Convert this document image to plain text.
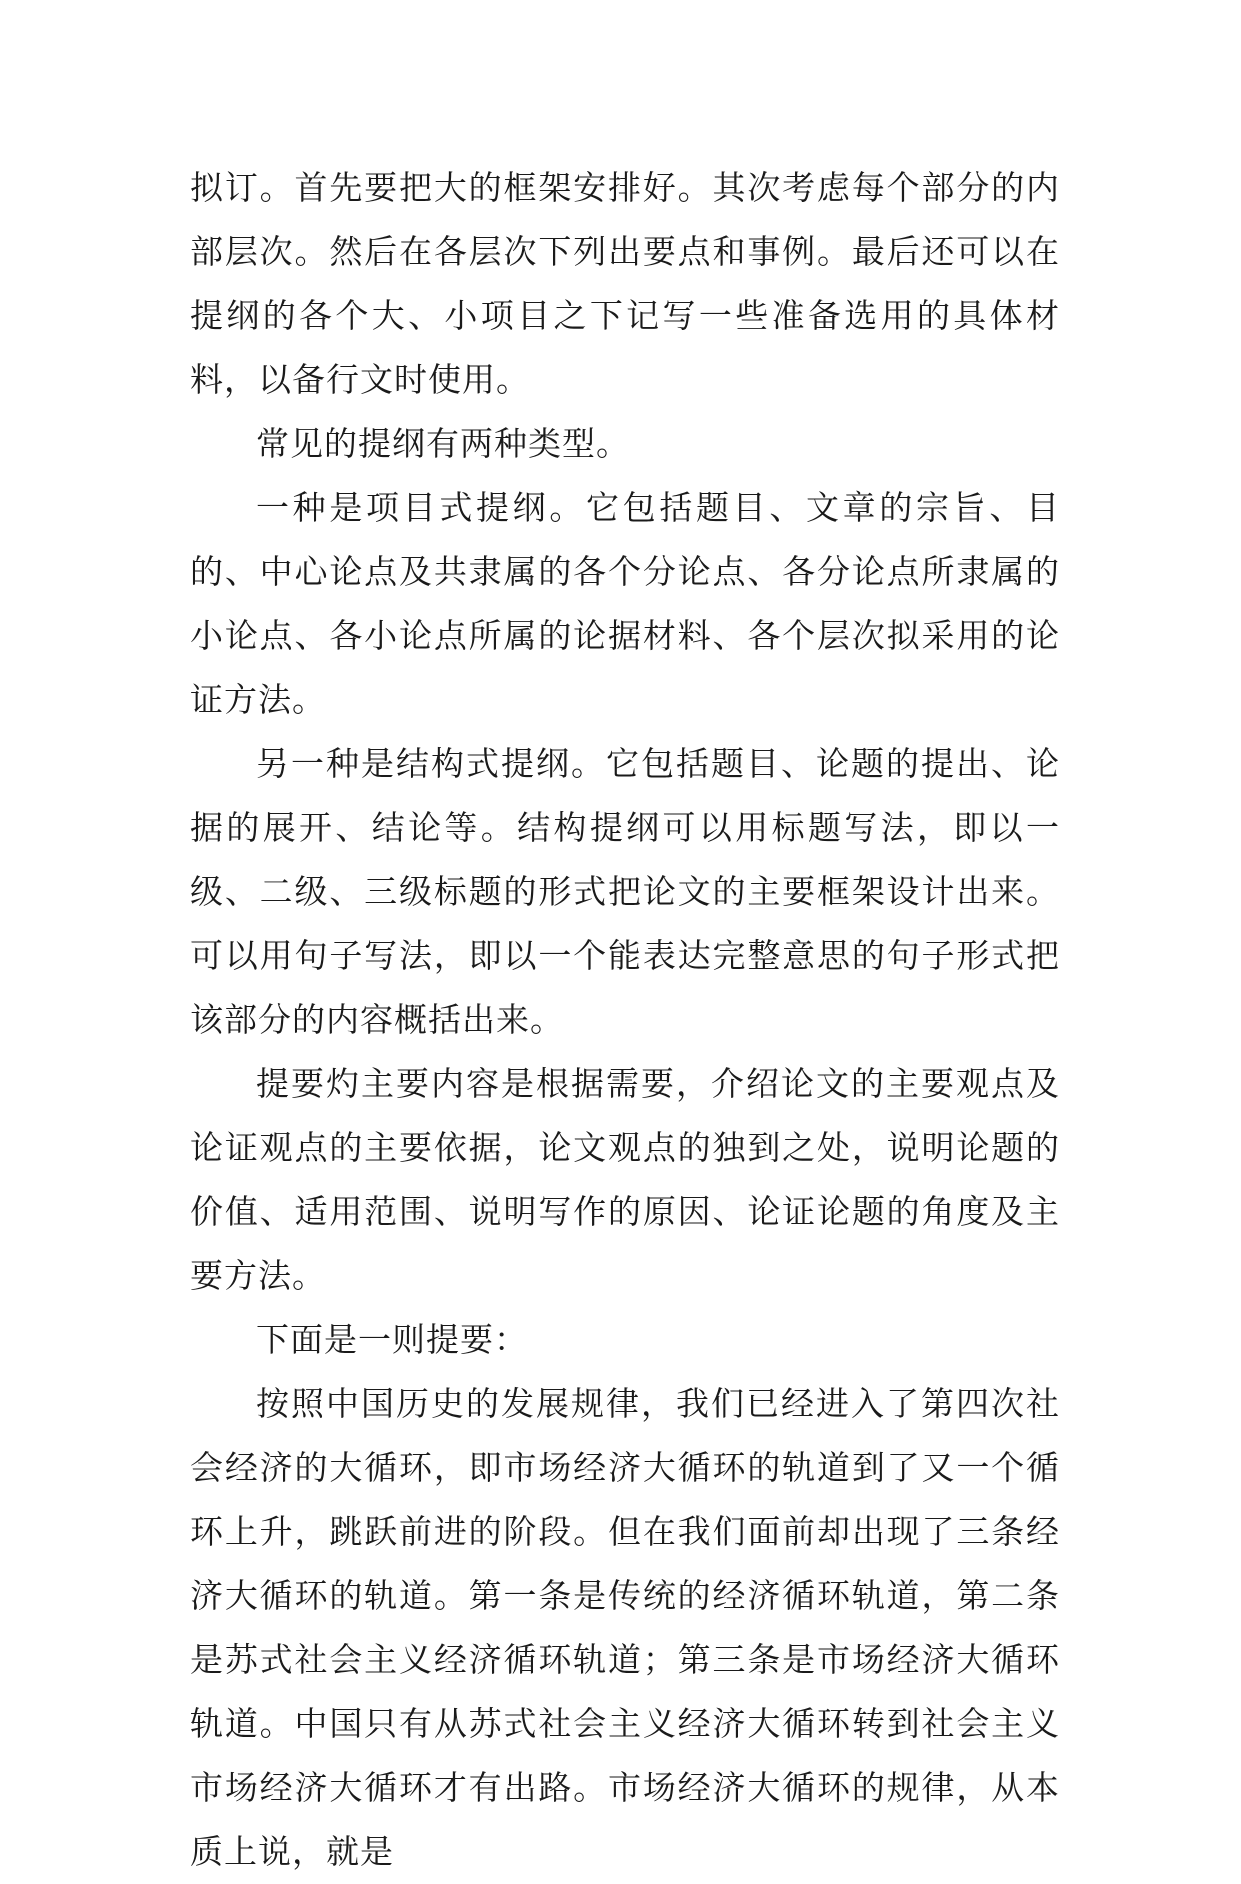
拟订。首先要把大的框架安排好。其次考虑每个部分的内部层次。然后在各层次下列出要点和事例。最后还可以在提纲的各个大、小项目之下记写一些准备选用的具体材料，以备行文时使用。

常见的提纲有两种类型。

一种是项目式提纲。它包括题目、文章的宗旨、目的、中心论点及共隶属的各个分论点、各分论点所隶属的小论点、各小论点所属的论据材料、各个层次拟采用的论证方法。

另一种是结构式提纲。它包括题目、论题的提出、论据的展开、结论等。结构提纲可以用标题写法，即以一级、二级、三级标题的形式把论文的主要框架设计出来。可以用句子写法，即以一个能表达完整意思的句子形式把该部分的内容概括出来。

提要灼主要内容是根据需要，介绍论文的主要观点及论证观点的主要依据，论文观点的独到之处，说明论题的价值、适用范围、说明写作的原因、论证论题的角度及主要方法。

下面是一则提要：

按照中国历史的发展规律，我们已经进入了第四次社会经济的大循环，即市场经济大循环的轨道到了又一个循环上升，跳跃前进的阶段。但在我们面前却出现了三条经济大循环的轨道。第一条是传统的经济循环轨道，第二条是苏式社会主义经济循环轨道；第三条是市场经济大循环轨道。中国只有从苏式社会主义经济大循环转到社会主义市场经济大循环才有出路。市场经济大循环的规律，从本质上说，就是
